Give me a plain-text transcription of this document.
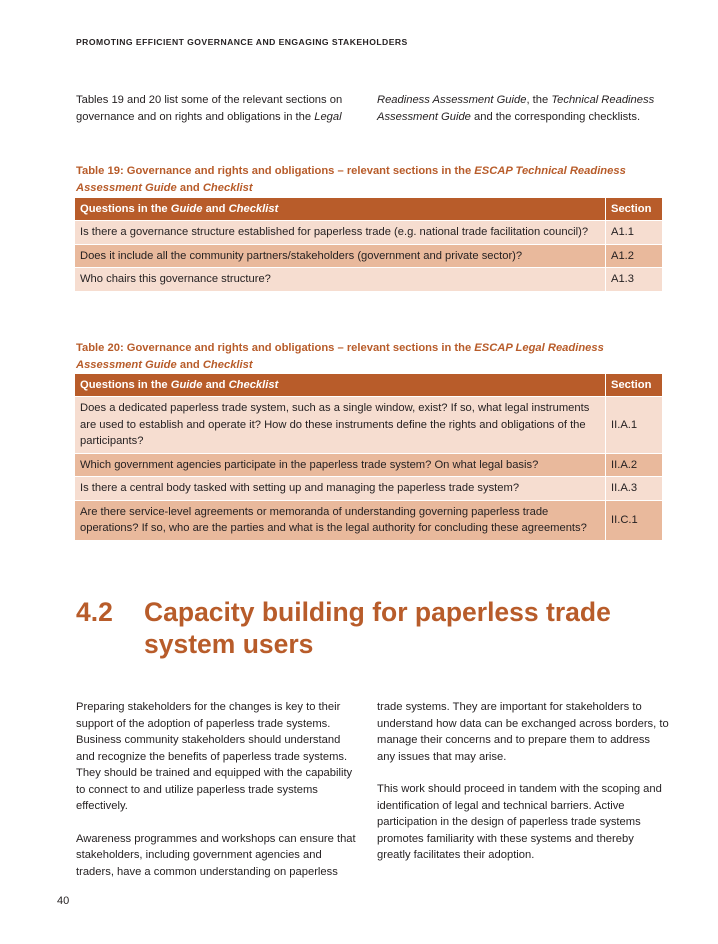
PROMOTING EFFICIENT GOVERNANCE AND ENGAGING STAKEHOLDERS

Tables 19 and 20 list some of the relevant sections on governance and on rights and obligations in the Legal

Readiness Assessment Guide, the Technical Readiness Assessment Guide and the corresponding checklists.

Table 19: Governance and rights and obligations – relevant sections in the ESCAP Technical Readiness Assessment Guide and Checklist
Questions in the Guide and Checklist	Section
Is there a governance structure established for paperless trade (e.g. national trade facilitation council)?	A1.1
Does it include all the community partners/stakeholders (government and private sector)?	A1.2
Who chairs this governance structure?	A1.3
Table 20: Governance and rights and obligations – relevant sections in the ESCAP Legal Readiness Assessment Guide and Checklist
Questions in the Guide and Checklist	Section
Does a dedicated paperless trade system, such as a single window, exist? If so, what legal instruments are used to establish and operate it? How do these instruments define the rights and obligations of the participants?	II.A.1
Which government agencies participate in the paperless trade system? On what legal basis?	II.A.2
Is there a central body tasked with setting up and managing the paperless trade system?	II.A.3
Are there service-level agreements or memoranda of understanding governing paperless trade operations? If so, who are the parties and what is the legal authority for concluding these agreements?	II.C.1
4.2 Capacity building for paperless trade system users

Preparing stakeholders for the changes is key to their support of the adoption of paperless trade systems. Business community stakeholders should understand and recognize the benefits of paperless trade systems. They should be trained and equipped with the capability to connect to and utilize paperless trade systems effectively.

Awareness programmes and workshops can ensure that stakeholders, including government agencies and traders, have a common understanding on paperless

trade systems. They are important for stakeholders to understand how data can be exchanged across borders, to manage their concerns and to prepare them to address any issues that may arise.

This work should proceed in tandem with the scoping and identification of legal and technical barriers. Active participation in the design of paperless trade systems promotes familiarity with these systems and thereby greatly facilitates their adoption.

40
